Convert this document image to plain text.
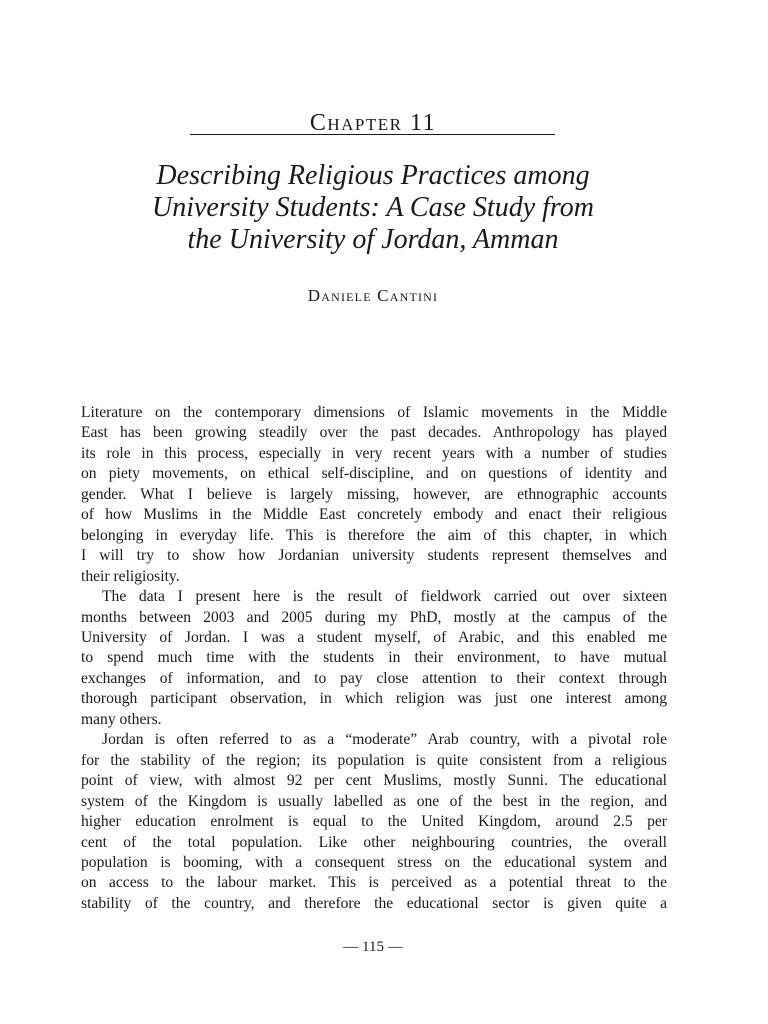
Chapter 11
Describing Religious Practices among
University Students: A Case Study from
the University of Jordan, Amman
Daniele Cantini
Literature on the contemporary dimensions of Islamic movements in the Middle
East has been growing steadily over the past decades. Anthropology has played
its role in this process, especially in very recent years with a number of studies
on piety movements, on ethical self-discipline, and on questions of identity and
gender. What I believe is largely missing, however, are ethnographic accounts
of how Muslims in the Middle East concretely embody and enact their religious
belonging in everyday life. This is therefore the aim of this chapter, in which
I will try to show how Jordanian university students represent themselves and
their religiosity.
The data I present here is the result of fieldwork carried out over sixteen
months between 2003 and 2005 during my PhD, mostly at the campus of the
University of Jordan. I was a student myself, of Arabic, and this enabled me
to spend much time with the students in their environment, to have mutual
exchanges of information, and to pay close attention to their context through
thorough participant observation, in which religion was just one interest among
many others.
Jordan is often referred to as a “moderate” Arab country, with a pivotal role
for the stability of the region; its population is quite consistent from a religious
point of view, with almost 92 per cent Muslims, mostly Sunni. The educational
system of the Kingdom is usually labelled as one of the best in the region, and
higher education enrolment is equal to the United Kingdom, around 2.5 per
cent of the total population. Like other neighbouring countries, the overall
population is booming, with a consequent stress on the educational system and
on access to the labour market. This is perceived as a potential threat to the
stability of the country, and therefore the educational sector is given quite a
— 115 —
